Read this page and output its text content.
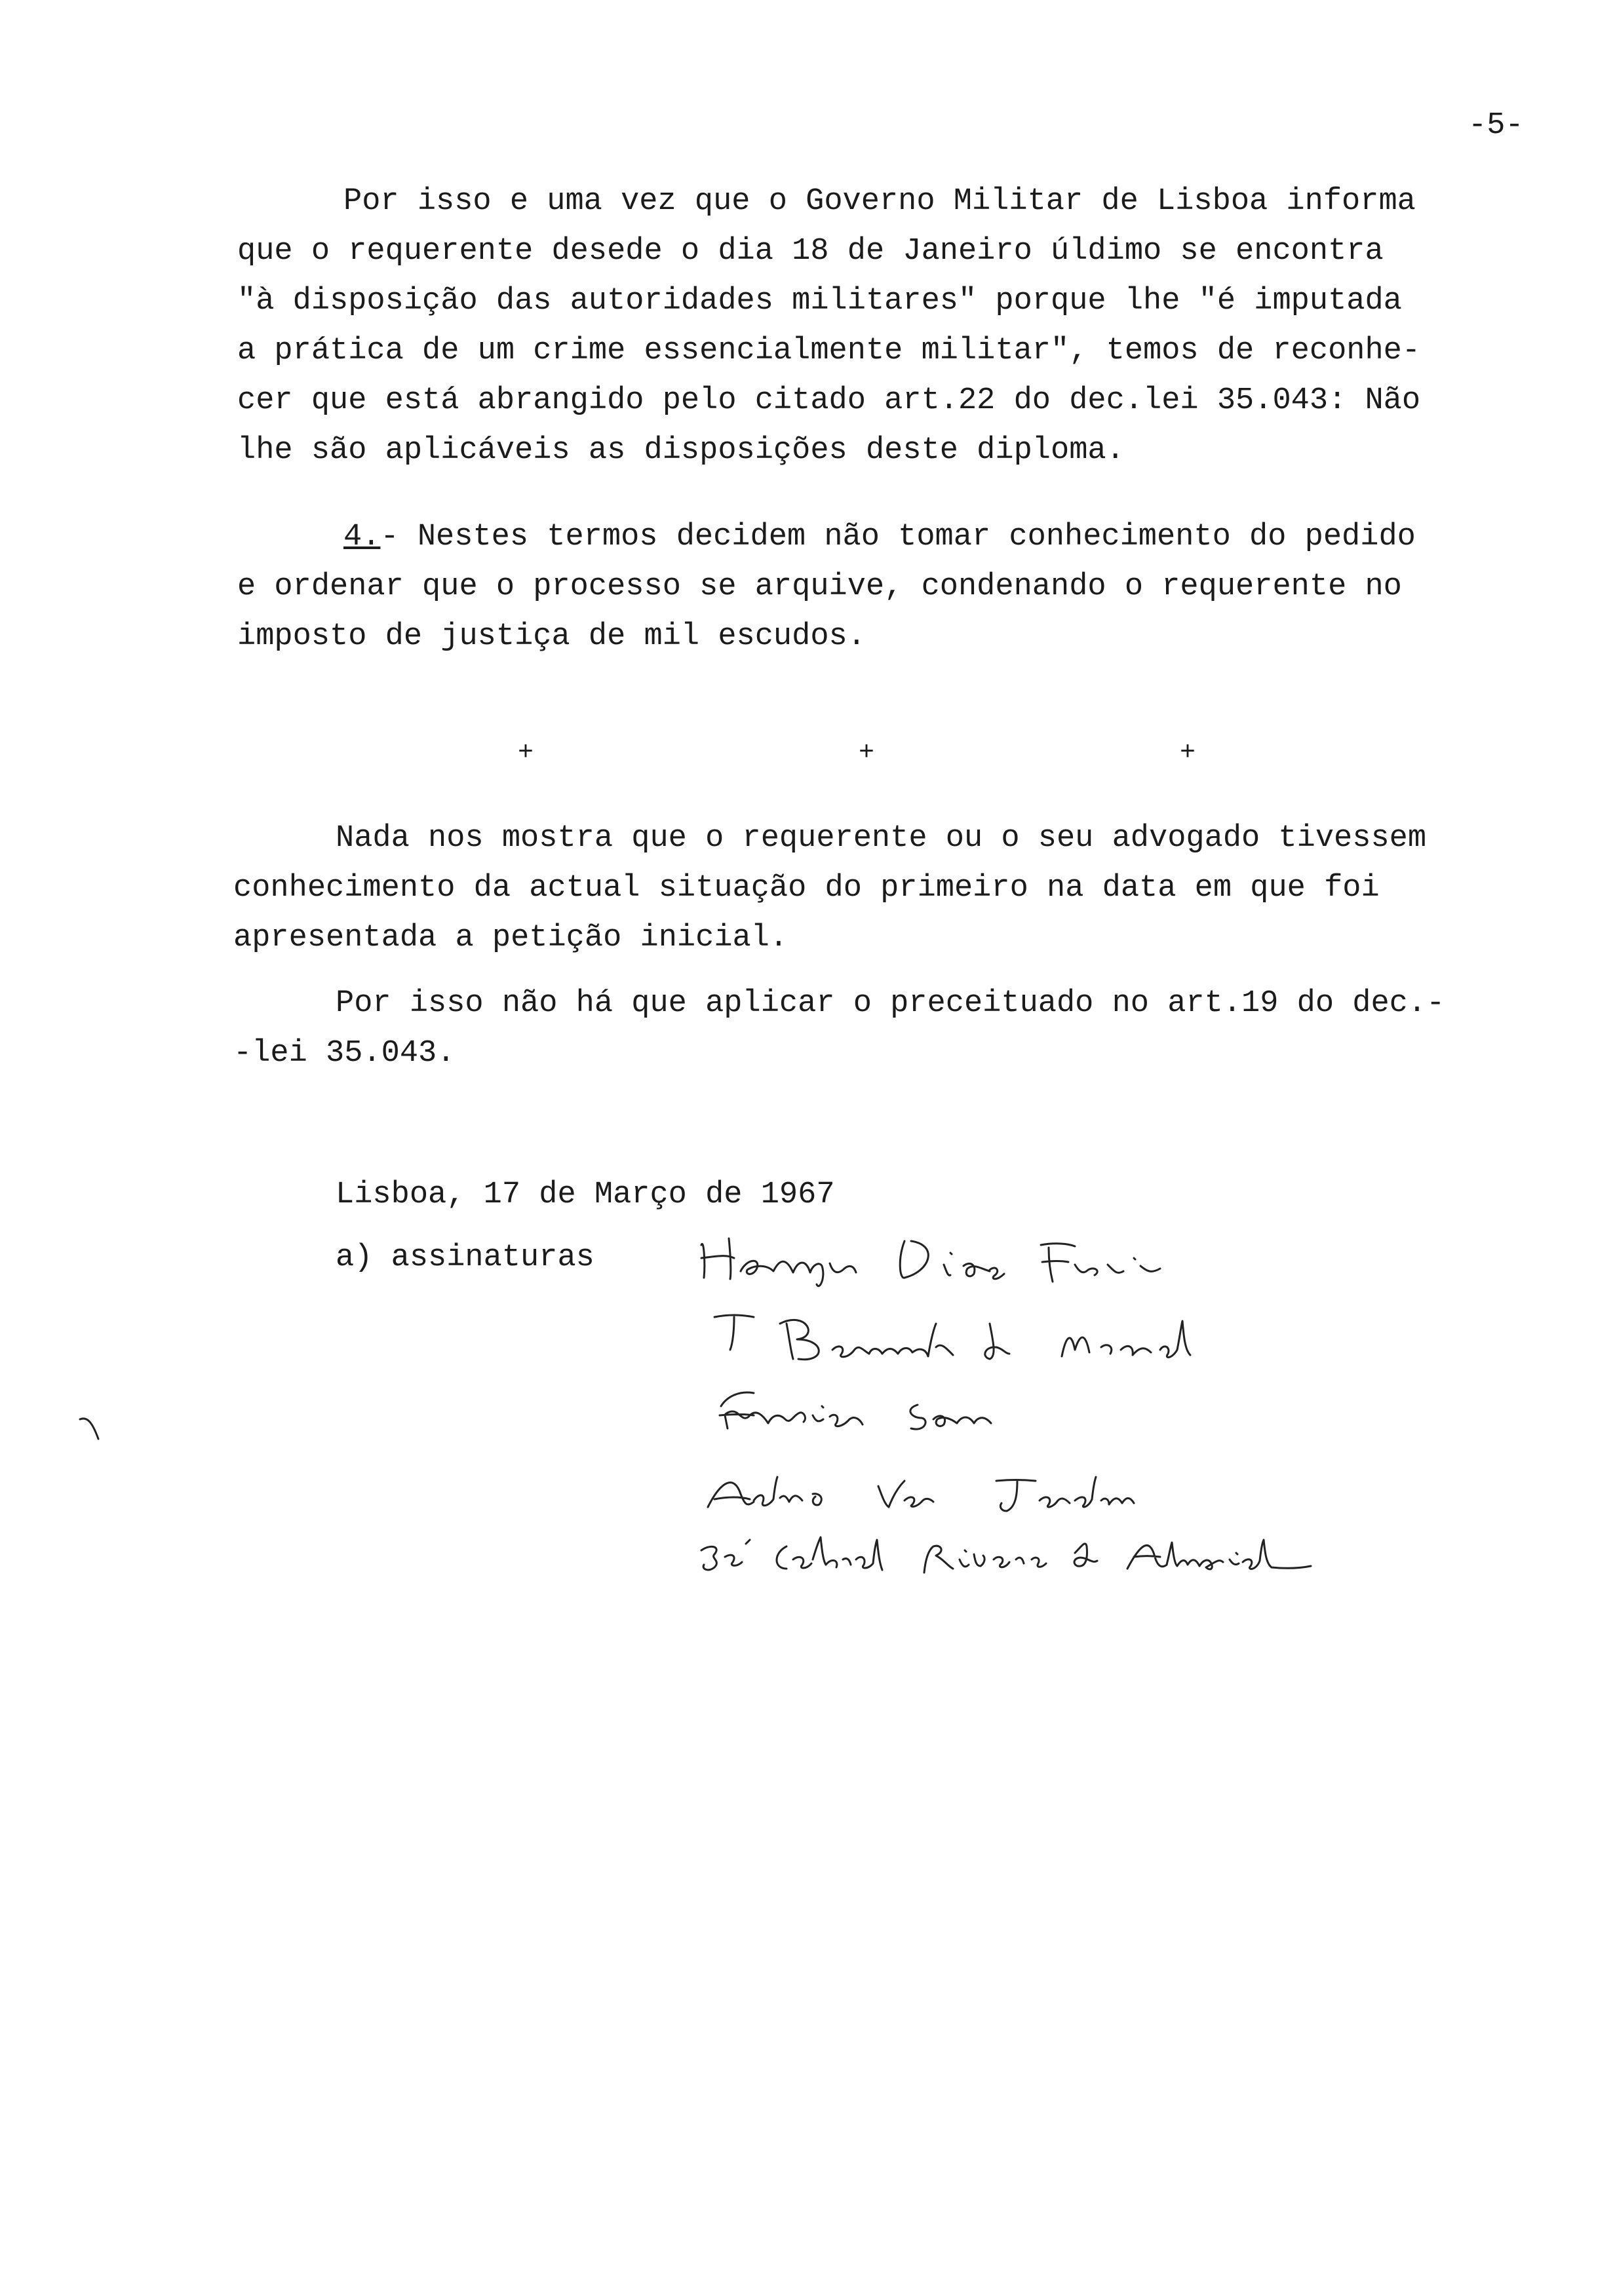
-5-
Por isso e uma vez que o Governo Militar de Lisboa informa
que o requerente desede o dia 18 de Janeiro úldimo se encontra
"à disposição das autoridades militares" porque lhe "é imputada
a prática de um crime essencialmente militar", temos de reconhe-
cer que está abrangido pelo citado art.22 do dec.lei 35.043: Não
lhe são aplicáveis as disposições deste diploma.
4.- Nestes termos decidem não tomar conhecimento do pedido
e ordenar que o processo se arquive, condenando o requerente no
imposto de justiça de mil escudos.
+	+	+
Nada nos mostra que o requerente ou o seu advogado tivessem
conhecimento da actual situação do primeiro na data em que foi
apresentada a petição inicial.
Por isso não há que aplicar o preceituado no art.19 do dec.-
-lei 35.043.
Lisboa, 17 de Março de 1967
a) assinaturas
